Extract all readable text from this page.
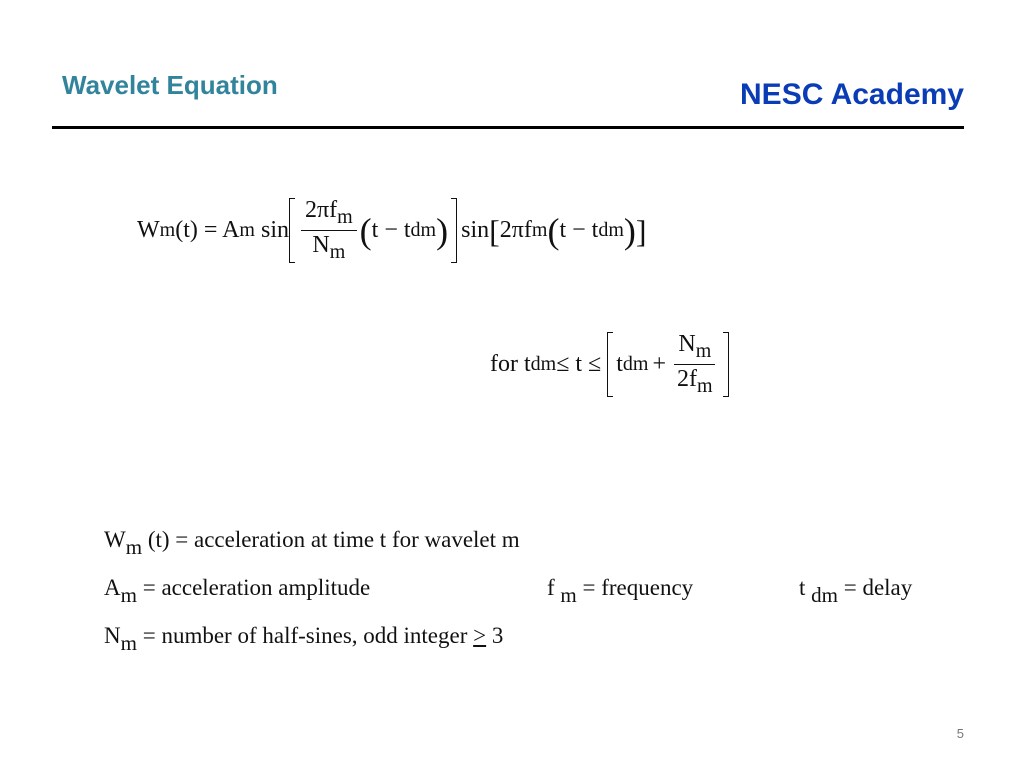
Wavelet Equation	NESC Academy
W m (t) = A m $\sin \frac{2\pi f_m}{N_m}$ ( t − t dm ) sin [ 2πf m ( t − t dm ) ]
for t dm ≤ t ≤ t dm + $\frac{N_m}{2f_m}$
$W_m$ (t) = acceleration at time t for wavelet m
$A_m$ = acceleration amplitude	f $_m$ = frequency	t $_{dm}$ = delay
$N_m$ = number of half-sines, odd integer > 3
5
